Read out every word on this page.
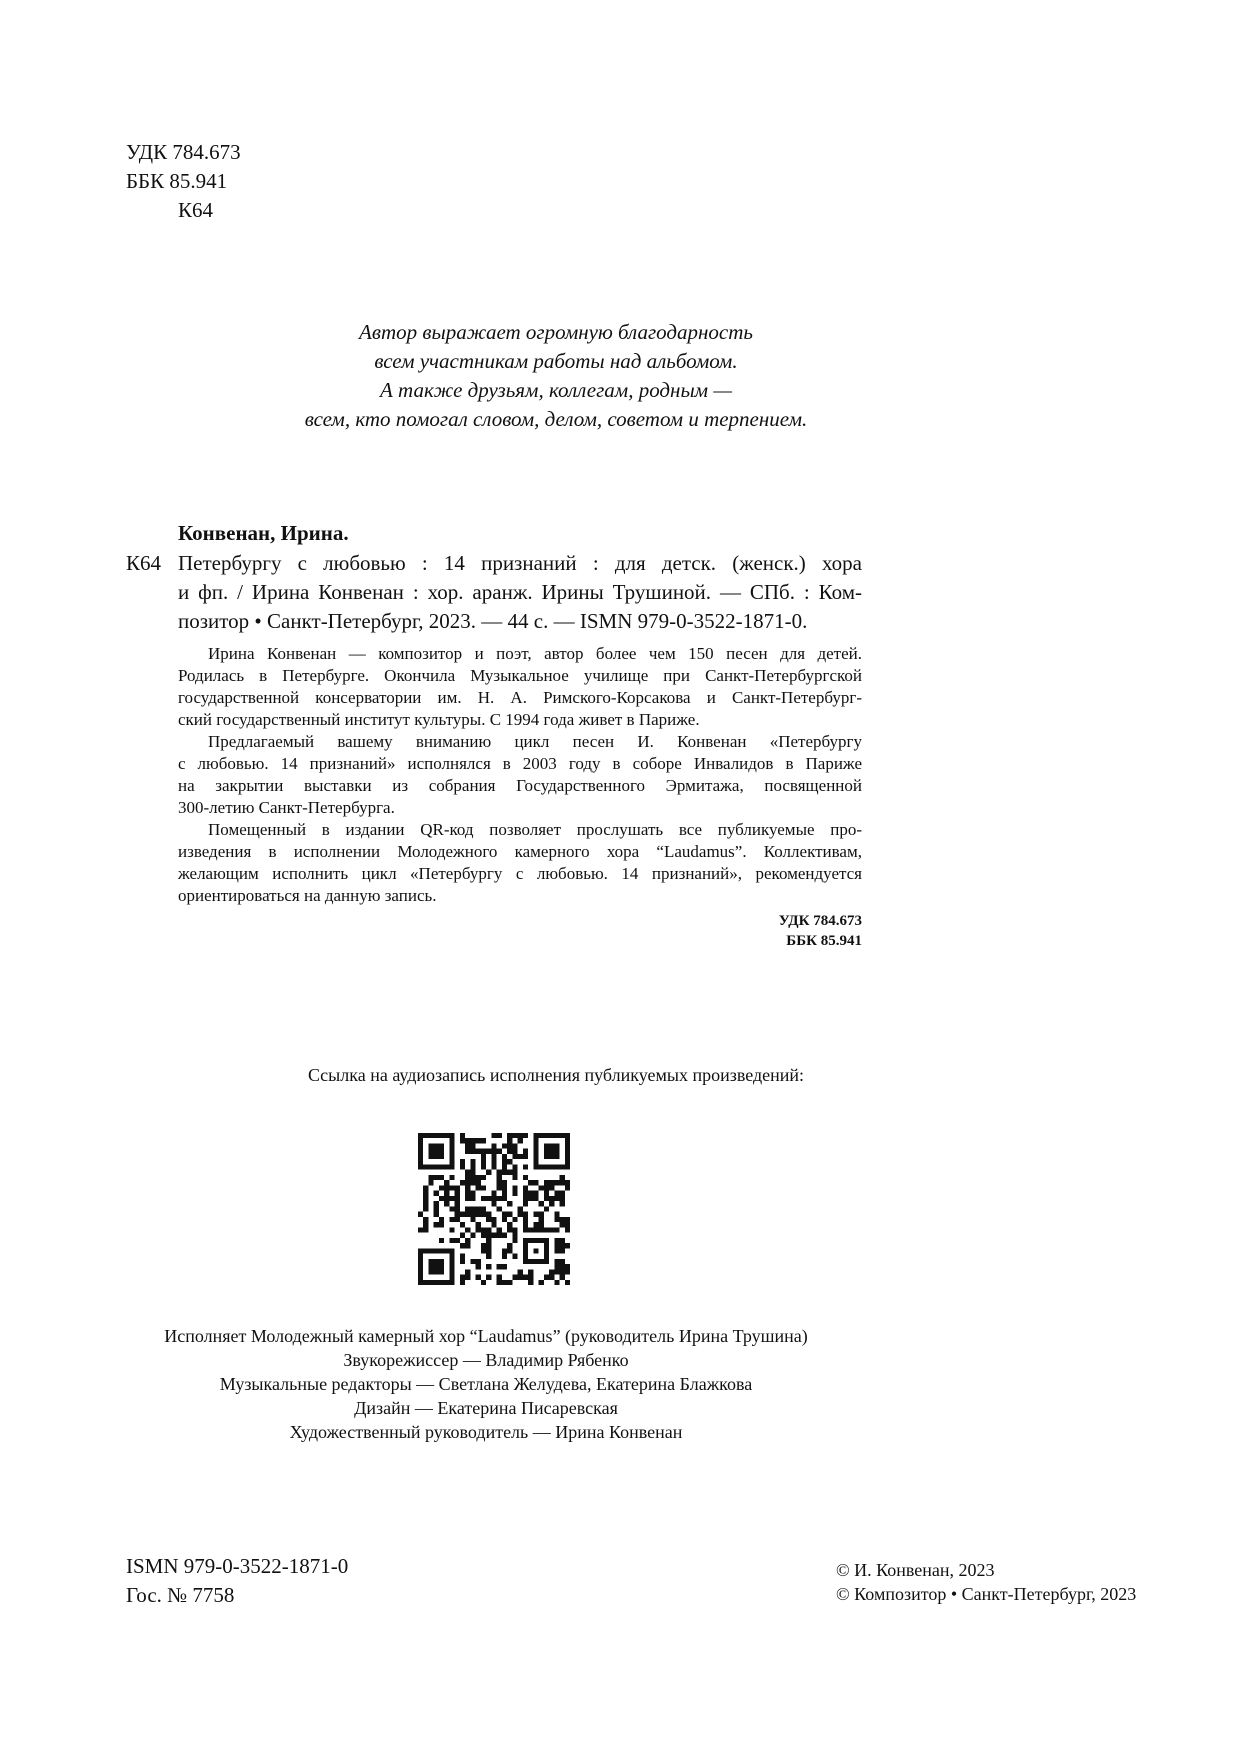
УДК 784.673
ББК 85.941
К64
Автор выражает огромную благодарность
всем участникам работы над альбомом.
А также друзьям, коллегам, родным —
всем, кто помогал словом, делом, советом и терпением.
Конвенан, Ирина.
К64 Петербургу с любовью : 14 признаний : для детск. (женск.) хора
и фп. / Ирина Конвенан : хор. аранж. Ирины Трушиной. — СПб. : Ком-
позитор • Санкт-Петербург, 2023. — 44 с. — ISMN 979-0-3522-1871-0.

Ирина Конвенан — композитор и поэт, автор более чем 150 песен для детей.
Родилась в Петербурге. Окончила Музыкальное училище при Санкт-Петербургской
государственной консерватории им. Н. А. Римского-Корсакова и Санкт-Петербург-
ский государственный институт культуры. С 1994 года живет в Париже.

Предлагаемый вашему вниманию цикл песен И. Конвенан «Петербургу
с любовью. 14 признаний» исполнялся в 2003 году в соборе Инвалидов в Париже
на закрытии выставки из собрания Государственного Эрмитажа, посвященной
300-летию Санкт-Петербурга.

Помещенный в издании QR-код позволяет прослушать все публикуемые про-
изведения в исполнении Молодежного камерного хора “Laudamus”. Коллективам,
желающим исполнить цикл «Петербургу с любовью. 14 признаний», рекомендуется
ориентироваться на данную запись.

УДК 784.673
ББК 85.941
Ссылка на аудиозапись исполнения публикуемых произведений:
Исполняет Молодежный камерный хор “Laudamus” (руководитель Ирина Трушина)
Звукорежиссер — Владимир Рябенко
Музыкальные редакторы — Светлана Желудева, Екатерина Блажкова
Дизайн — Екатерина Писаревская
Художественный руководитель — Ирина Конвенан
ISMN 979-0-3522-1871-0
Гос. № 7758
© И. Конвенан, 2023
© Композитор • Санкт-Петербург, 2023
